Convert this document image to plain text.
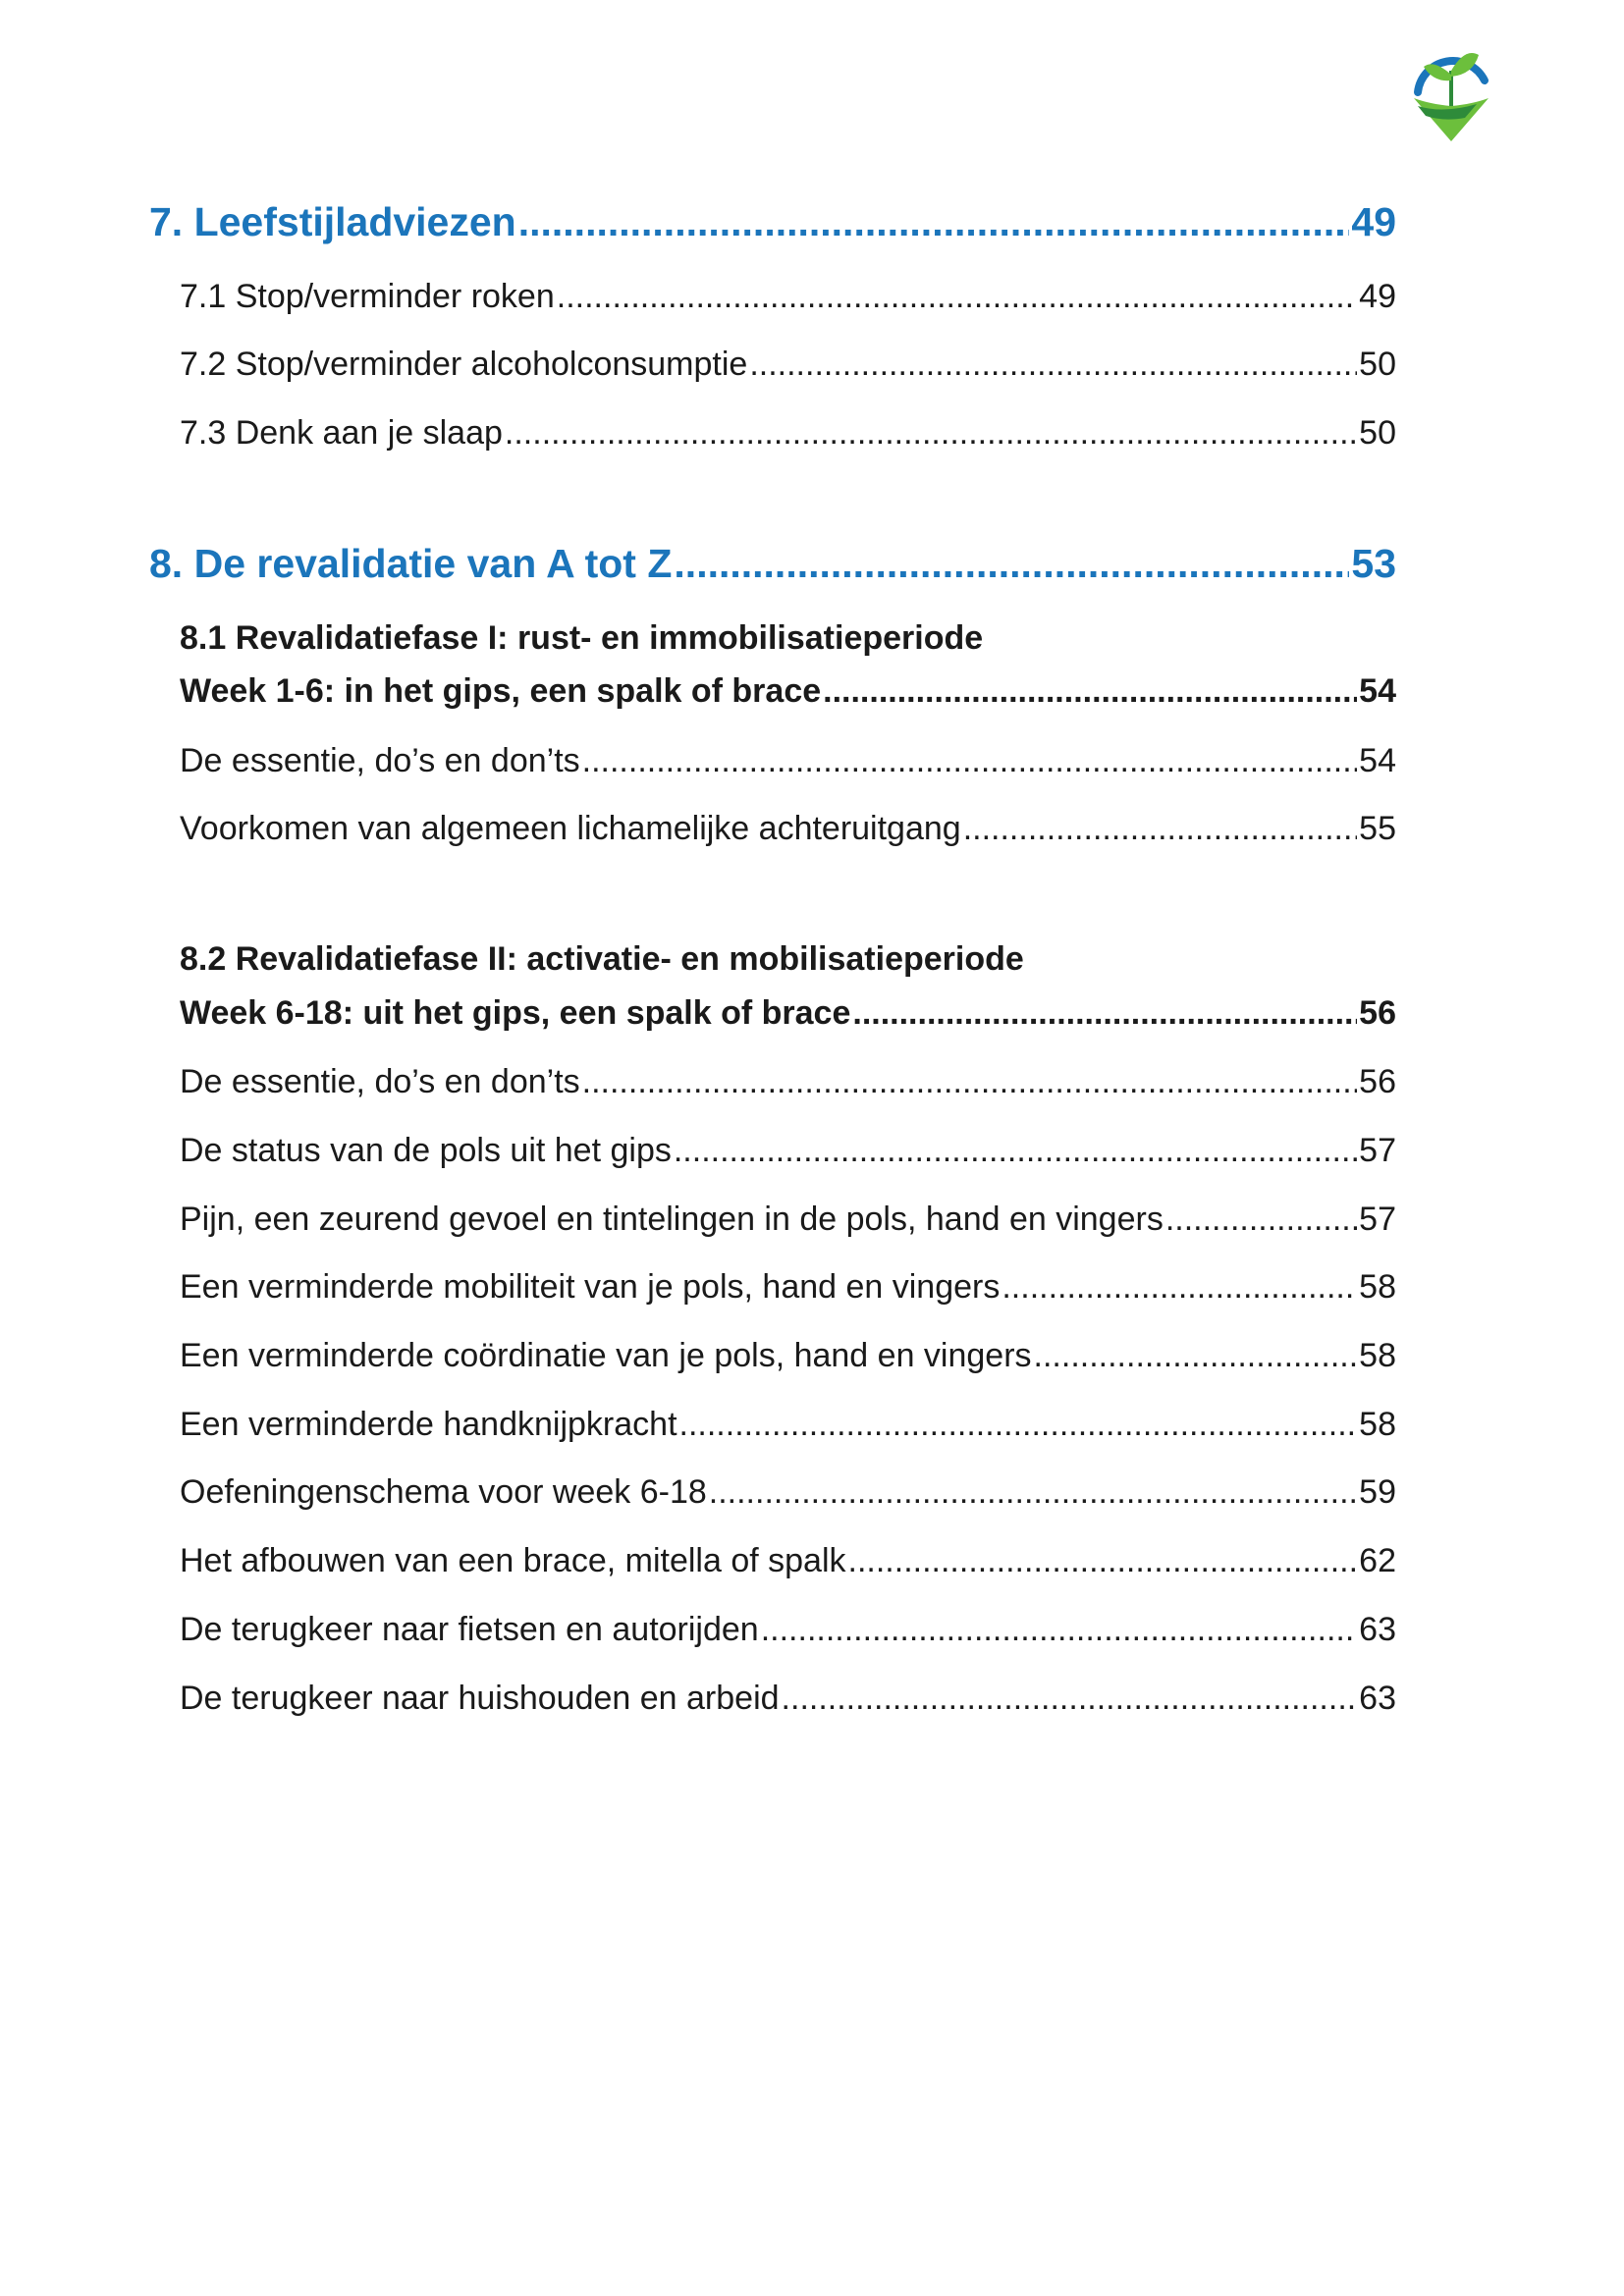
7. Leefstijladviezen .....	49
7.1 Stop/verminder roken .....	49
7.2 Stop/verminder alcoholconsumptie .....	50
7.3 Denk aan je slaap .....	50
8. De revalidatie van A tot Z .....	53
8.1 Revalidatiefase I: rust- en immobilisatieperiode
Week 1-6: in het gips, een spalk of brace .....	54
De essentie, do’s en don’ts .....	54
Voorkomen van algemeen lichamelijke achteruitgang .....	55
8.2 Revalidatiefase II: activatie- en mobilisatieperiode
Week 6-18: uit het gips, een spalk of brace .....	56
De essentie, do’s en don’ts .....	56
De status van de pols uit het gips .....	57
Pijn, een zeurend gevoel en tintelingen in de pols, hand en vingers .....	57
Een verminderde mobiliteit van je pols, hand en vingers .....	58
Een verminderde coördinatie van je pols, hand en vingers .....	58
Een verminderde handknijpkracht .....	58
Oefeningenschema voor week 6-18 .....	59
Het afbouwen van een brace, mitella of spalk .....	62
De terugkeer naar fietsen en autorijden .....	63
De terugkeer naar huishouden en arbeid .....	63
